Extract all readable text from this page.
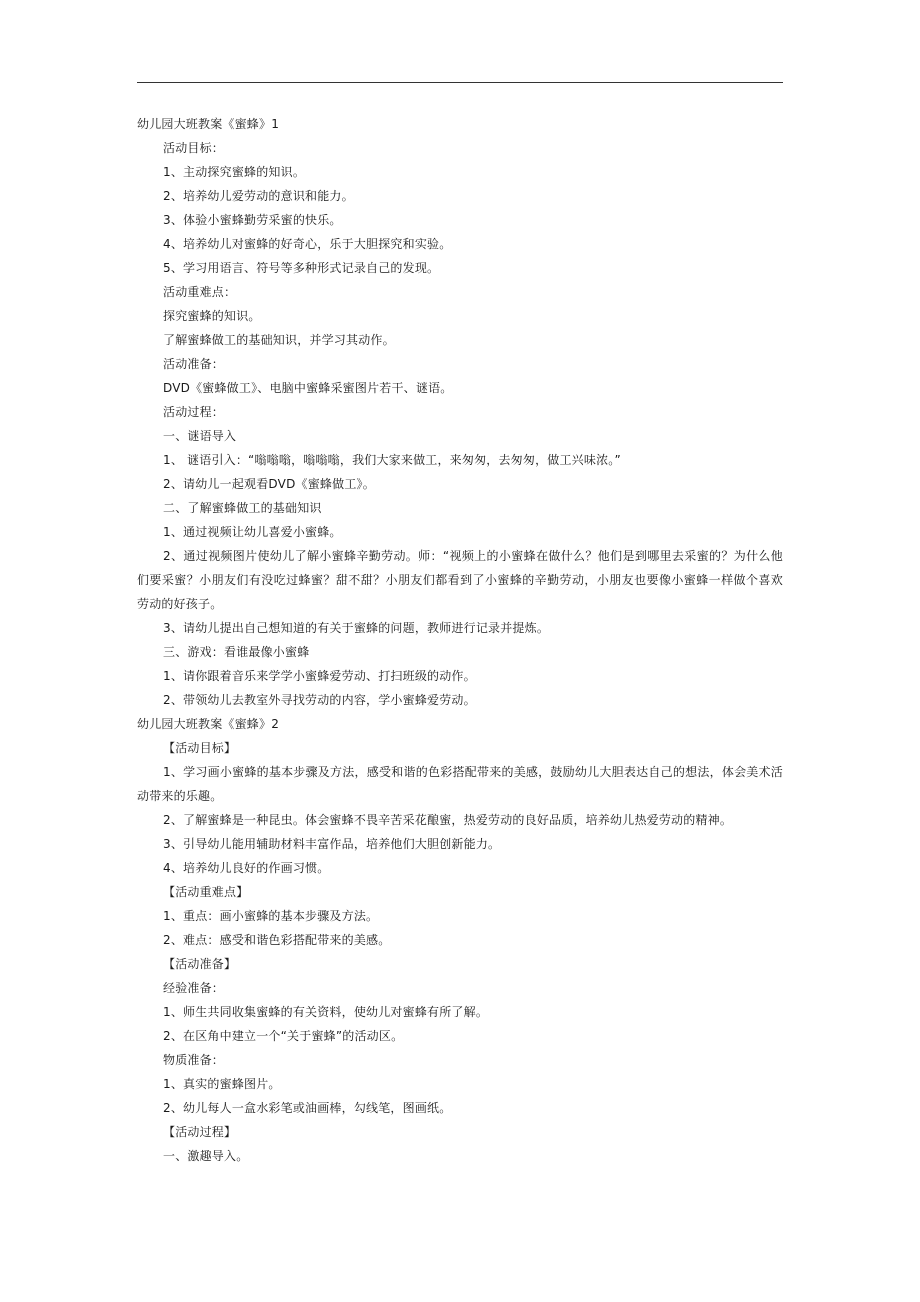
幼儿园大班教案《蜜蜂》1
活动目标：
1、主动探究蜜蜂的知识。
2、培养幼儿爱劳动的意识和能力。
3、体验小蜜蜂勤劳采蜜的快乐。
4、培养幼儿对蜜蜂的好奇心，乐于大胆探究和实验。
5、学习用语言、符号等多种形式记录自己的发现。
活动重难点：
探究蜜蜂的知识。
了解蜜蜂做工的基础知识，并学习其动作。
活动准备：
DVD《蜜蜂做工》、电脑中蜜蜂采蜜图片若干、谜语。
活动过程：
一、谜语导入
1、 谜语引入：“嗡嗡嗡，嗡嗡嗡，我们大家来做工，来匆匆，去匆匆，做工兴味浓。”
2、请幼儿一起观看DVD《蜜蜂做工》。
二、了解蜜蜂做工的基础知识
1、通过视频让幼儿喜爱小蜜蜂。
2、通过视频图片使幼儿了解小蜜蜂辛勤劳动。师：“视频上的小蜜蜂在做什么？他们是到哪里去采蜜的？为什么他们要采蜜？小朋友们有没吃过蜂蜜？甜不甜？小朋友们都看到了小蜜蜂的辛勤劳动，小朋友也要像小蜜蜂一样做个喜欢劳动的好孩子。
3、请幼儿提出自己想知道的有关于蜜蜂的问题，教师进行记录并提炼。
三、游戏：看谁最像小蜜蜂
1、请你跟着音乐来学学小蜜蜂爱劳动、打扫班级的动作。
2、带领幼儿去教室外寻找劳动的内容，学小蜜蜂爱劳动。
幼儿园大班教案《蜜蜂》2
【活动目标】
1、学习画小蜜蜂的基本步骤及方法，感受和谐的色彩搭配带来的美感，鼓励幼儿大胆表达自己的想法，体会美术活动带来的乐趣。
2、了解蜜蜂是一种昆虫。体会蜜蜂不畏辛苦采花酿蜜，热爱劳动的良好品质，培养幼儿热爱劳动的精神。
3、引导幼儿能用辅助材料丰富作品，培养他们大胆创新能力。
4、培养幼儿良好的作画习惯。
【活动重难点】
1、重点：画小蜜蜂的基本步骤及方法。
2、难点：感受和谐色彩搭配带来的美感。
【活动准备】
经验准备：
1、师生共同收集蜜蜂的有关资料，使幼儿对蜜蜂有所了解。
2、在区角中建立一个“关于蜜蜂”的活动区。
物质准备：
1、真实的蜜蜂图片。
2、幼儿每人一盒水彩笔或油画棒，勾线笔，图画纸。
【活动过程】
一、激趣导入。
